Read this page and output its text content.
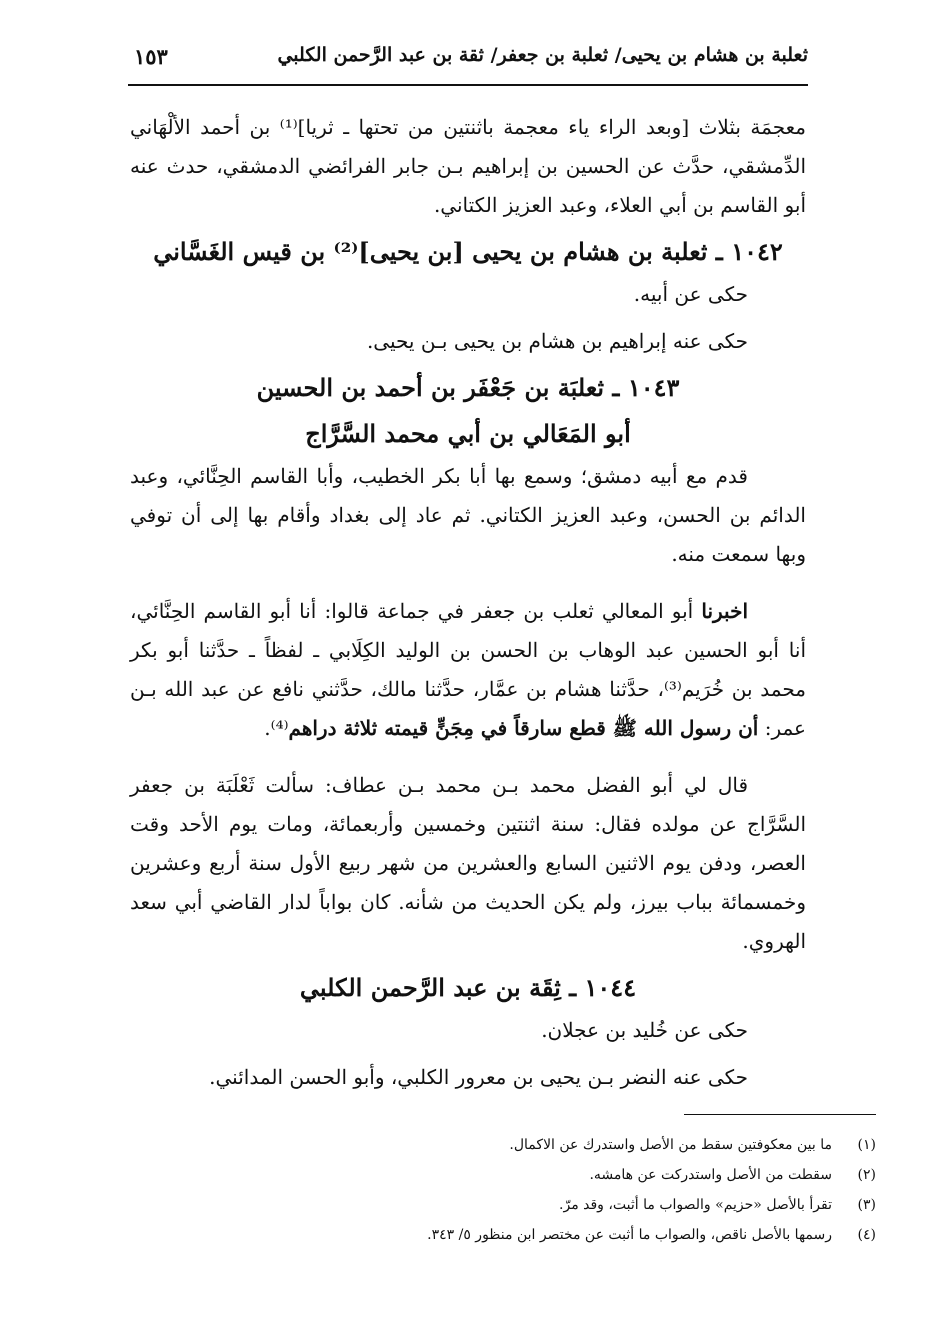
ثعلبة بن هشام بن يحيى/ ثعلبة بن جعفر/ ثقة بن عبد الرَّحمن الكلبي
١٥٣

معجمَة بثلاث [وبعد الراء ياء معجمة باثنتين من تحتها ـ ثريا]⁽¹⁾ بن أحمد الألْهَاني الدِّمشقي، حدَّث عن الحسين بن إبراهيم بـن جابر الفرائضي الدمشقي، حدث عنه أبو القاسم بن أبي العلاء، وعبد العزيز الكتاني.

١٠٤٢ ـ ثعلبة بن هشام بن يحيى [بن يحيى]⁽²⁾ بن قيس الغَسَّاني

حكى عن أبيه.

حكى عنه إبراهيم بن هشام بن يحيى بـن يحيى.

١٠٤٣ ـ ثعلبَة بن جَعْفَر بن أحمد بن الحسين
أبو المَعَالي بن أبي محمد السَّرَّاج

قدم مع أبيه دمشق؛ وسمع بها أبا بكر الخطيب، وأبا القاسم الحِنَّائي، وعبد الدائم بن الحسن، وعبد العزيز الكتاني. ثم عاد إلى بغداد وأقام بها إلى أن توفي وبها سمعت منه.

اخبرنا أبو المعالي ثعلب بن جعفر في جماعة قالوا: أنا أبو القاسم الحِنَّائي، أنا أبو الحسين عبد الوهاب بن الحسن بن الوليد الكِلَابي ـ لفظاً ـ حدَّثنا أبو بكر محمد بن خُرَيم⁽³⁾، حدَّثنا هشام بن عمَّار، حدَّثنا مالك، حدَّثني نافع عن عبد الله بـن عمر: أن رسول الله ﷺ قطع سارقاً في مِجَنٍّ قيمته ثلاثة دراهم⁽⁴⁾.

قال لي أبو الفضل محمد بـن محمد بـن عطاف: سألت ثَعْلَبَة بن جعفر السَّرَّاج عن مولده فقال: سنة اثنتين وخمسين وأربعمائة، ومات يوم الأحد وقت العصر، ودفن يوم الاثنين السابع والعشرين من شهر ربيع الأول سنة أربع وعشرين وخمسمائة بباب بيرز، ولم يكن الحديث من شأنه. كان بواباً لدار القاضي أبي سعد الهروي.

١٠٤٤ ـ ثِقَة بن عبد الرَّحمن الكلبي

حكى عن خُليد بن عجلان.

حكى عنه النضر بـن يحيى بن معرور الكلبي، وأبو الحسن المدائني.

(١)ما بين معكوفتين سقط من الأصل واستدرك عن الاكمال.
(٢)سقطت من الأصل واستدركت عن هامشه.
(٣)تقرأ بالأصل «حزيم» والصواب ما أثبت، وقد مرّ.
(٤)رسمها بالأصل ناقص، والصواب ما أثبت عن مختصر ابن منظور ٥/ ٣٤٣.
